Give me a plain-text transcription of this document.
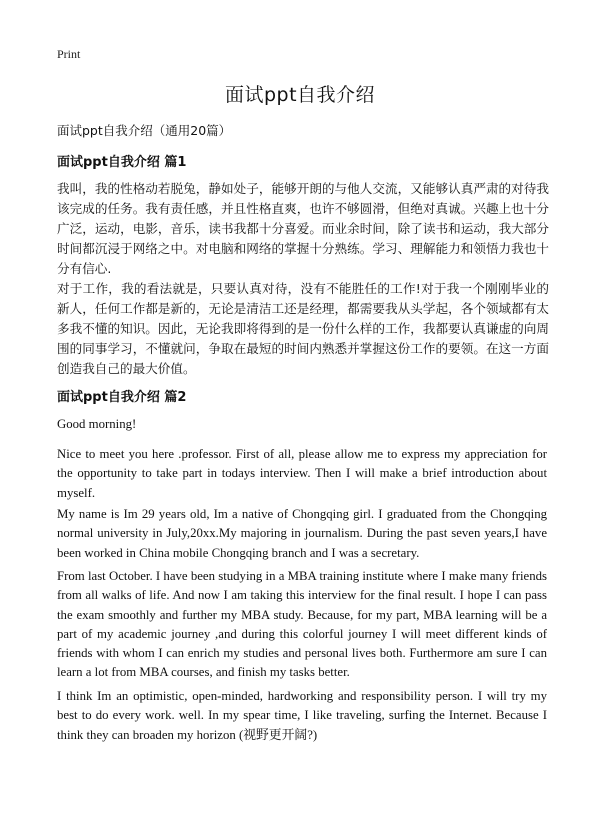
Print
面试ppt自我介绍
面试ppt自我介绍（通用20篇）
面试ppt自我介绍 篇1

我叫，我的性格动若脱兔，静如处子，能够开朗的与他人交流，又能够认真严肃的对待我该完成的任务。我有责任感，并且性格直爽，也许不够圆滑，但绝对真诚。兴趣上也十分广泛，运动，电影，音乐，读书我都十分喜爱。而业余时间，除了读书和运动，我大部分时间都沉浸于网络之中。对电脑和网络的掌握十分熟练。学习、理解能力和领悟力我也十分有信心.

对于工作，我的看法就是，只要认真对待，没有不能胜任的工作!对于我一个刚刚毕业的新人，任何工作都是新的，无论是清洁工还是经理，都需要我从头学起，各个领域都有太多我不懂的知识。因此，无论我即将得到的是一份什么样的工作，我都要认真谦虚的向周围的同事学习，不懂就问，争取在最短的时间内熟悉并掌握这份工作的要领。在这一方面创造我自己的最大价值。

面试ppt自我介绍 篇2

Good morning!

Nice to meet you here .professor. First of all, please allow me to express my appreciation for the opportunity to take part in todays interview. Then I will make a brief introduction about myself.

My name is Im 29 years old, Im a native of Chongqing girl. I graduated from the Chongqing normal university in July,20xx.My majoring in journalism. During the past seven years,I have been worked in China mobile Chongqing branch and I was a secretary.

From last October. I have been studying in a MBA training institute where I make many friends from all walks of life. And now I am taking this interview for the final result. I hope I can pass the exam smoothly and further my MBA study. Because, for my part, MBA learning will be a part of my academic journey ,and during this colorful journey I will meet different kinds of friends with whom I can enrich my studies and personal lives both. Furthermore am sure I can learn a lot from MBA courses, and finish my tasks better.

I think Im an optimistic, open-minded, hardworking and responsibility person. I will try my best to do every work. well. In my spear time, I like traveling, surfing the Internet. Because I think they can broaden my horizon (视野更开阔?)
